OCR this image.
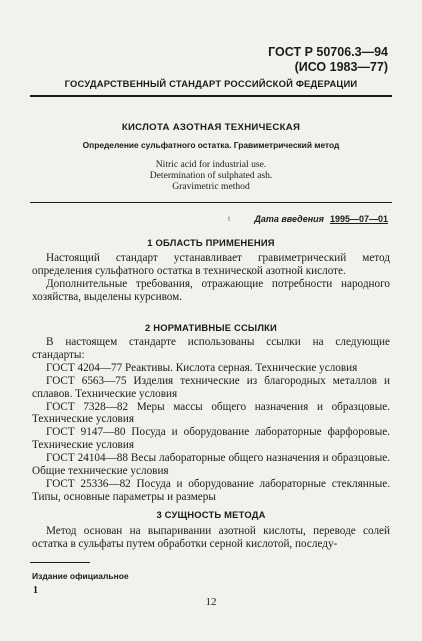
ГОСТ Р 50706.3—94
(ИСО 1983—77)
ГОСУДАРСТВЕННЫЙ СТАНДАРТ РОССИЙСКОЙ ФЕДЕРАЦИИ
КИСЛОТА АЗОТНАЯ ТЕХНИЧЕСКАЯ
Определение сульфатного остатка. Гравиметрический метод
Nitric acid for industrial use.
Determination of sulphated ash.
Gravimetric method
t	Дата введения 1995—07—01
1 ОБЛАСТЬ ПРИМЕНЕНИЯ
Настоящий стандарт устанавливает гравиметрический метод определения сульфатного остатка в технической азотной кислоте.
Дополнительные требования, отражающие потребности народного хозяйства, выделены курсивом.
2 НОРМАТИВНЫЕ ССЫЛКИ
В настоящем стандарте использованы ссылки на следующие стандарты:
ГОСТ 4204—77 Реактивы. Кислота серная. Технические условия
ГОСТ 6563—75 Изделия технические из благородных металлов и сплавов. Технические условия
ГОСТ 7328—82 Меры массы общего назначения и образцовые. Технические условия
ГОСТ 9147—80 Посуда и оборудование лабораторные фарфоровые. Технические условия
ГОСТ 24104—88 Весы лабораторные общего назначения и образцовые. Общие технические условия
ГОСТ 25336—82 Посуда и оборудование лабораторные стеклянные. Типы, основные параметры и размеры
3 СУЩНОСТЬ МЕТОДА
Метод основан на выпаривании азотной кислоты, переводе солей остатка в сульфаты путем обработки серной кислотой, последу-
Издание официальное
1
12
